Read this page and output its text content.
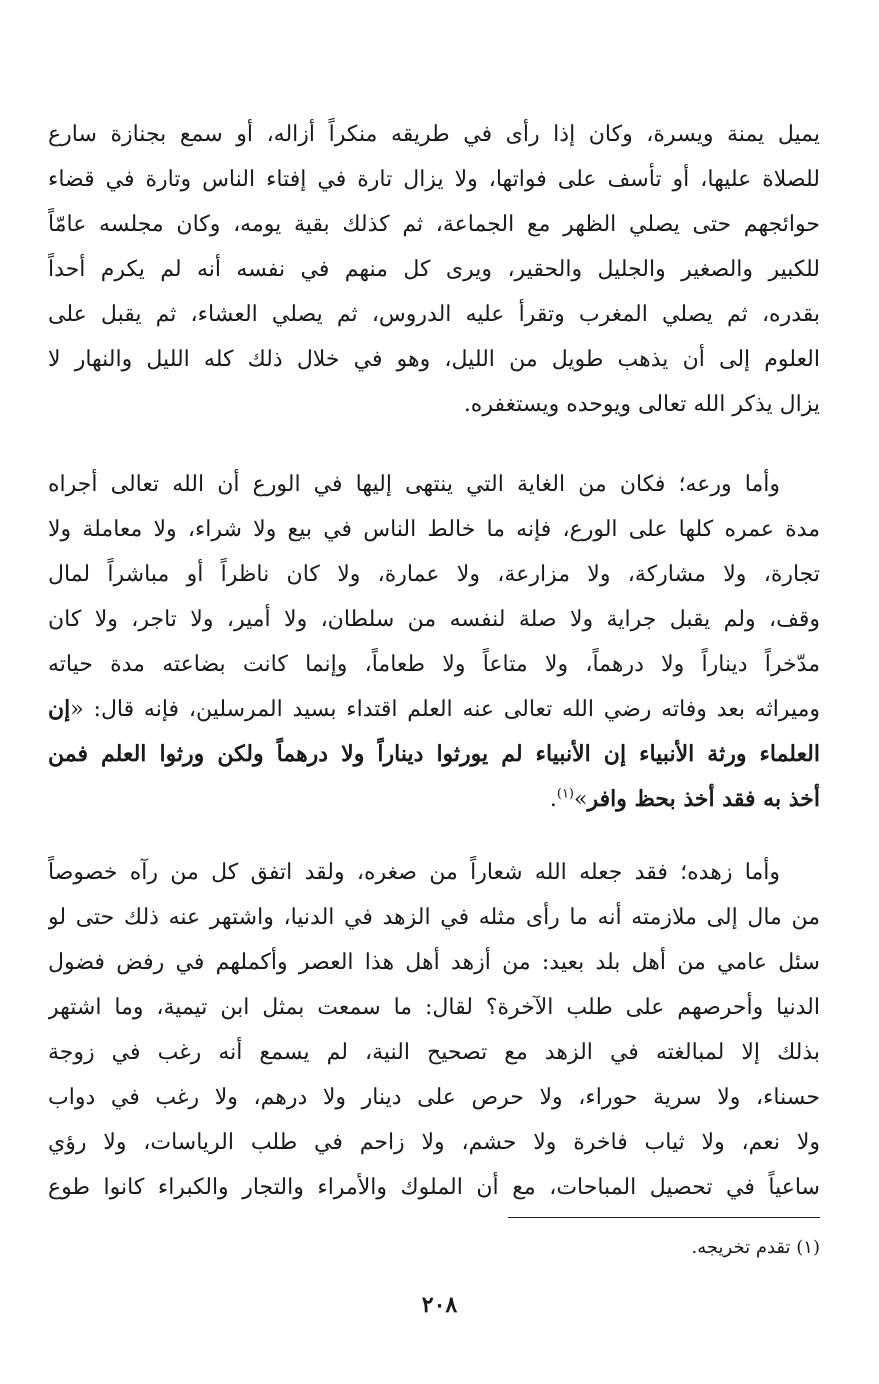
يميل يمنة ويسرة، وكان إذا رأى في طريقه منكراً أزاله، أو سمع بجنازة سارع
للصلاة عليها، أو تأسف على فواتها، ولا يزال تارة في إفتاء الناس وتارة في قضاء
حوائجهم حتى يصلي الظهر مع الجماعة، ثم كذلك بقية يومه، وكان مجلسه عامّاً
للكبير والصغير والجليل والحقير، ويرى كل منهم في نفسه أنه لم يكرم أحداً
بقدره، ثم يصلي المغرب وتقرأ عليه الدروس، ثم يصلي العشاء، ثم يقبل على
العلوم إلى أن يذهب طويل من الليل، وهو في خلال ذلك كله الليل والنهار لا
يزال يذكر الله تعالى ويوحده ويستغفره.
وأما ورعه؛ فكان من الغاية التي ينتهى إليها في الورع أن الله تعالى أجراه
مدة عمره كلها على الورع، فإنه ما خالط الناس في بيع ولا شراء، ولا معاملة ولا
تجارة، ولا مشاركة، ولا مزارعة، ولا عمارة، ولا كان ناظراً أو مباشراً لمال
وقف، ولم يقبل جراية ولا صلة لنفسه من سلطان، ولا أمير، ولا تاجر، ولا كان
مدّخراً ديناراً ولا درهماً، ولا متاعاً ولا طعاماً، وإنما كانت بضاعته مدة حياته
وميراثه بعد وفاته رضي الله تعالى عنه العلم اقتداء بسيد المرسلين، فإنه قال: «إن
العلماء ورثة الأنبياء إن الأنبياء لم يورثوا ديناراً ولا درهماً ولكن ورثوا العلم فمن
أخذ به فقد أخذ بحظ وافر»$^{(١)}$.
وأما زهده؛ فقد جعله الله شعاراً من صغره، ولقد اتفق كل من رآه خصوصاً
من مال إلى ملازمته أنه ما رأى مثله في الزهد في الدنيا، واشتهر عنه ذلك حتى لو
سئل عامي من أهل بلد بعيد: من أزهد أهل هذا العصر وأكملهم في رفض فضول
الدنيا وأحرصهم على طلب الآخرة؟ لقال: ما سمعت بمثل ابن تيمية، وما اشتهر
بذلك إلا لمبالغته في الزهد مع تصحيح النية، لم يسمع أنه رغب في زوجة
حسناء، ولا سرية حوراء، ولا حرص على دينار ولا درهم، ولا رغب في دواب
ولا نعم، ولا ثياب فاخرة ولا حشم، ولا زاحم في طلب الرياسات، ولا رؤي
ساعياً في تحصيل المباحات، مع أن الملوك والأمراء والتجار والكبراء كانوا طوع
(١) تقدم تخريجه.
٢٠٨
